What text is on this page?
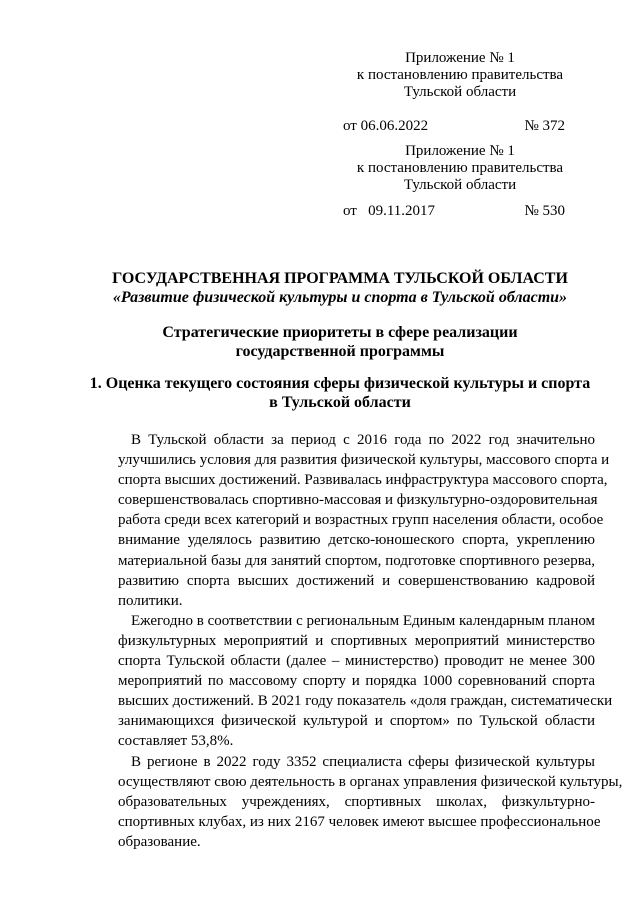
Приложение № 1
к постановлению правительства
Тульской области
от 06.06.2022	№ 372
Приложение № 1
к постановлению правительства
Тульской области
от   09.11.2017	№ 530
ГОСУДАРСТВЕННАЯ ПРОГРАММА ТУЛЬСКОЙ ОБЛАСТИ
«Развитие физической культуры и спорта в Тульской области»
Стратегические приоритеты в сфере реализации
государственной программы
1. Оценка текущего состояния сферы физической культуры и спорта
в Тульской области
В Тульской области за период с 2016 года по 2022 год значительно
улучшились условия для развития физической культуры, массового спорта и
спорта высших достижений. Развивалась инфраструктура массового спорта,
совершенствовалась спортивно-массовая и физкультурно-оздоровительная
работа среди всех категорий и возрастных групп населения области, особое
внимание уделялось развитию детско-юношеского спорта, укреплению
материальной базы для занятий спортом, подготовке спортивного резерва,
развитию спорта высших достижений и совершенствованию кадровой
политики.
Ежегодно в соответствии с региональным Единым календарным планом
физкультурных мероприятий и спортивных мероприятий министерство
спорта Тульской области (далее – министерство) проводит не менее 300
мероприятий по массовому спорту и порядка 1000 соревнований спорта
высших достижений. В 2021 году показатель «доля граждан, систематически
занимающихся физической культурой и спортом» по Тульской области
составляет 53,8%.
В регионе в 2022 году 3352 специалиста сферы физической культуры
осуществляют свою деятельность в органах управления физической культуры,
образовательных учреждениях, спортивных школах, физкультурно-
спортивных клубах, из них 2167 человек имеют высшее профессиональное
образование.
